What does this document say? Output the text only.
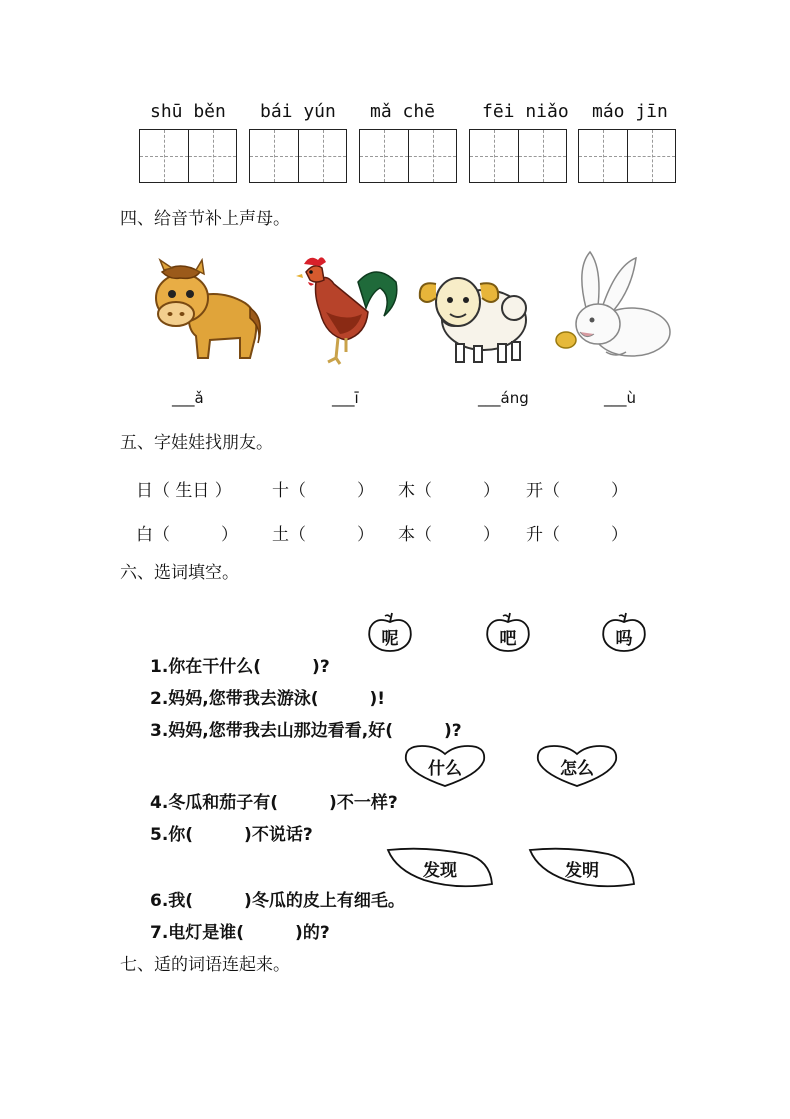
shū běn bái yún mǎ chē	fēi niǎo máo jīn
四、给音节补上声母。
___ǎ	___ī	___áng	___ù
五、字娃娃找朋友。
日（ 生日 ） 十（　　　） 木（　　　） 开（　　　）
白（　　　） 土（　　　） 本（　　　） 升（　　　）
六、选词填空。
呢	吧	吗
1.你在干什么(　　　)?
2.妈妈,您带我去游泳(　　　)!
3.妈妈,您带我去山那边看看,好(　　　)?
什么	怎么
4.冬瓜和茄子有(　　　)不一样?
5.你(　　　)不说话?
发现	发明
6.我(　　　)冬瓜的皮上有细毛。
7.电灯是谁(　　　)的?
七、适的词语连起来。
